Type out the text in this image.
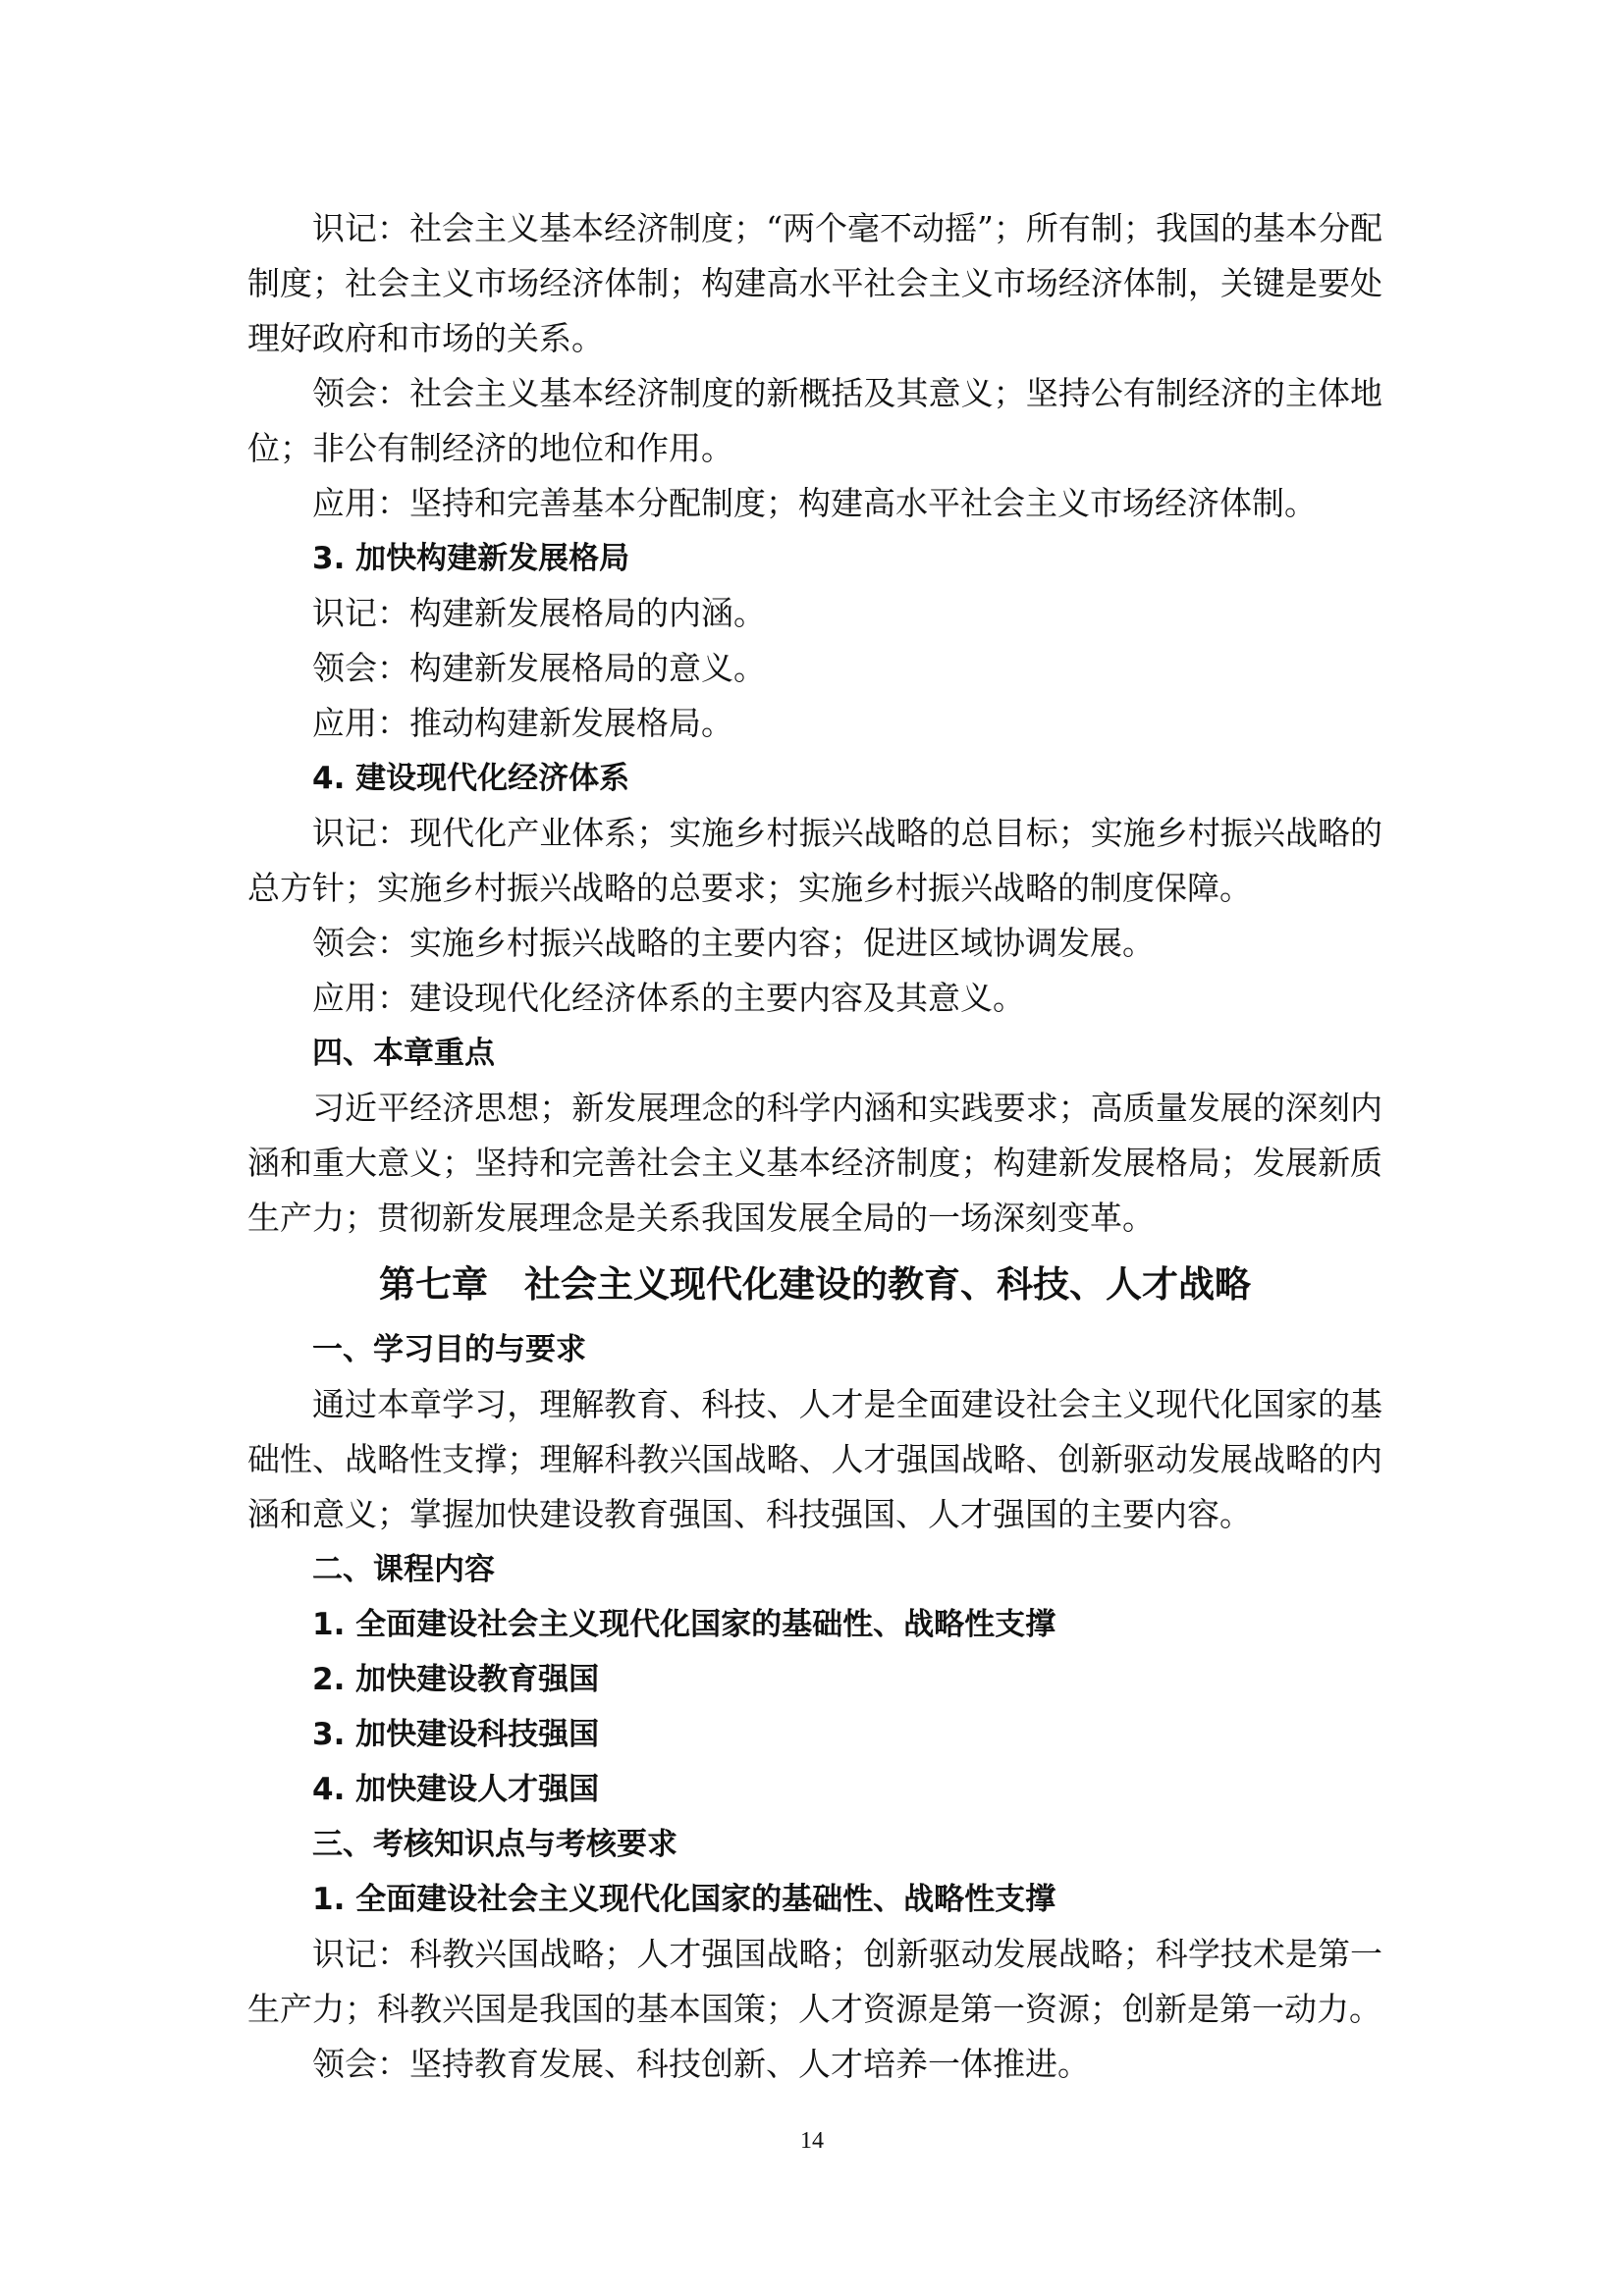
识记：社会主义基本经济制度；“两个毫不动摇”；所有制；我国的基本分配制度；社会主义市场经济体制；构建高水平社会主义市场经济体制，关键是要处理好政府和市场的关系。

领会：社会主义基本经济制度的新概括及其意义；坚持公有制经济的主体地位；非公有制经济的地位和作用。

应用：坚持和完善基本分配制度；构建高水平社会主义市场经济体制。

3. 加快构建新发展格局

识记：构建新发展格局的内涵。

领会：构建新发展格局的意义。

应用：推动构建新发展格局。

4. 建设现代化经济体系

识记：现代化产业体系；实施乡村振兴战略的总目标；实施乡村振兴战略的总方针；实施乡村振兴战略的总要求；实施乡村振兴战略的制度保障。

领会：实施乡村振兴战略的主要内容；促进区域协调发展。

应用：建设现代化经济体系的主要内容及其意义。

四、本章重点

习近平经济思想；新发展理念的科学内涵和实践要求；高质量发展的深刻内涵和重大意义；坚持和完善社会主义基本经济制度；构建新发展格局；发展新质生产力；贯彻新发展理念是关系我国发展全局的一场深刻变革。

第七章　社会主义现代化建设的教育、科技、人才战略

一、学习目的与要求

通过本章学习，理解教育、科技、人才是全面建设社会主义现代化国家的基础性、战略性支撑；理解科教兴国战略、人才强国战略、创新驱动发展战略的内涵和意义；掌握加快建设教育强国、科技强国、人才强国的主要内容。

二、课程内容

1. 全面建设社会主义现代化国家的基础性、战略性支撑

2. 加快建设教育强国

3. 加快建设科技强国

4. 加快建设人才强国

三、考核知识点与考核要求

1. 全面建设社会主义现代化国家的基础性、战略性支撑

识记：科教兴国战略；人才强国战略；创新驱动发展战略；科学技术是第一生产力；科教兴国是我国的基本国策；人才资源是第一资源；创新是第一动力。

领会：坚持教育发展、科技创新、人才培养一体推进。

14
